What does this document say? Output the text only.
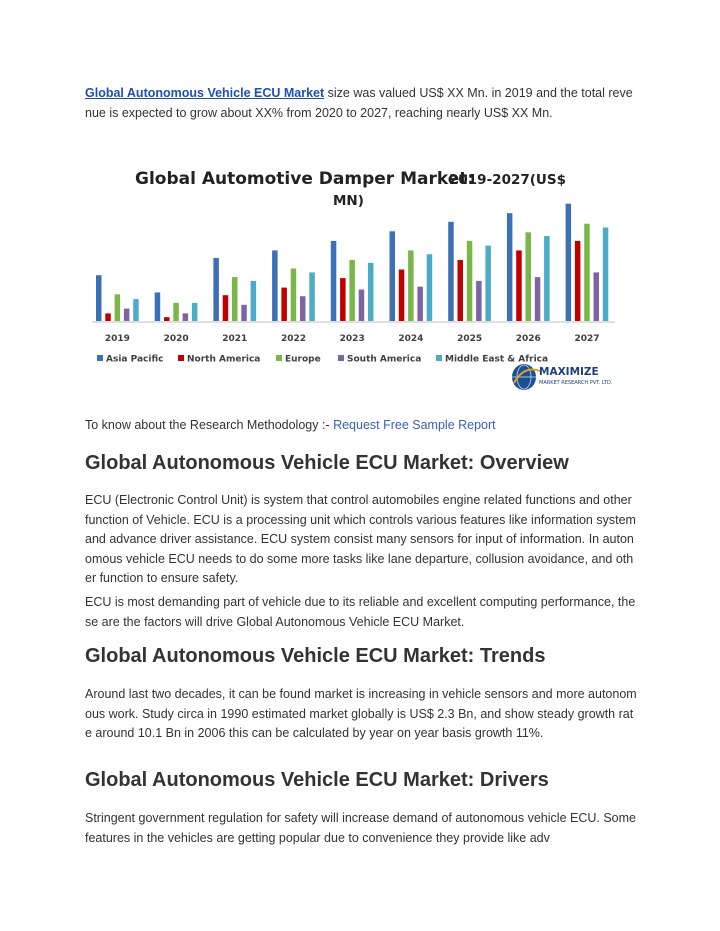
Global Autonomous Vehicle ECU Market size was valued US$ XX Mn. in 2019 and the total revenue is expected to grow about XX% from 2020 to 2027, reaching nearly US$ XX Mn.

Global Automotive Damper Market:
2019-2027(US$
MN)
2019	2020	2021	2022	2023	2024	2025	2026	2027
Asia Pacific	North America	Europe	South America	Middle East & Africa
MAXIMIZE
MARKET RESEARCH PVT. LTD.

To know about the Research Methodology :- Request Free Sample Report

Global Autonomous Vehicle ECU Market: Overview

ECU (Electronic Control Unit) is system that control automobiles engine related functions and other function of Vehicle. ECU is a processing unit which controls various features like information system and advance driver assistance. ECU system consist many sensors for input of information. In autonomous vehicle ECU needs to do some more tasks like lane departure, collusion avoidance, and other function to ensure safety.

ECU is most demanding part of vehicle due to its reliable and excellent computing performance, these are the factors will drive Global Autonomous Vehicle ECU Market.

Global Autonomous Vehicle ECU Market: Trends

Around last two decades, it can be found market is increasing in vehicle sensors and more autonomous work. Study circa in 1990 estimated market globally is US$ 2.3 Bn, and show steady growth rate around 10.1 Bn in 2006 this can be calculated by year on year basis growth 11%.

Global Autonomous Vehicle ECU Market: Drivers

Stringent government regulation for safety will increase demand of autonomous vehicle ECU. Some features in the vehicles are getting popular due to convenience they provide like adv
